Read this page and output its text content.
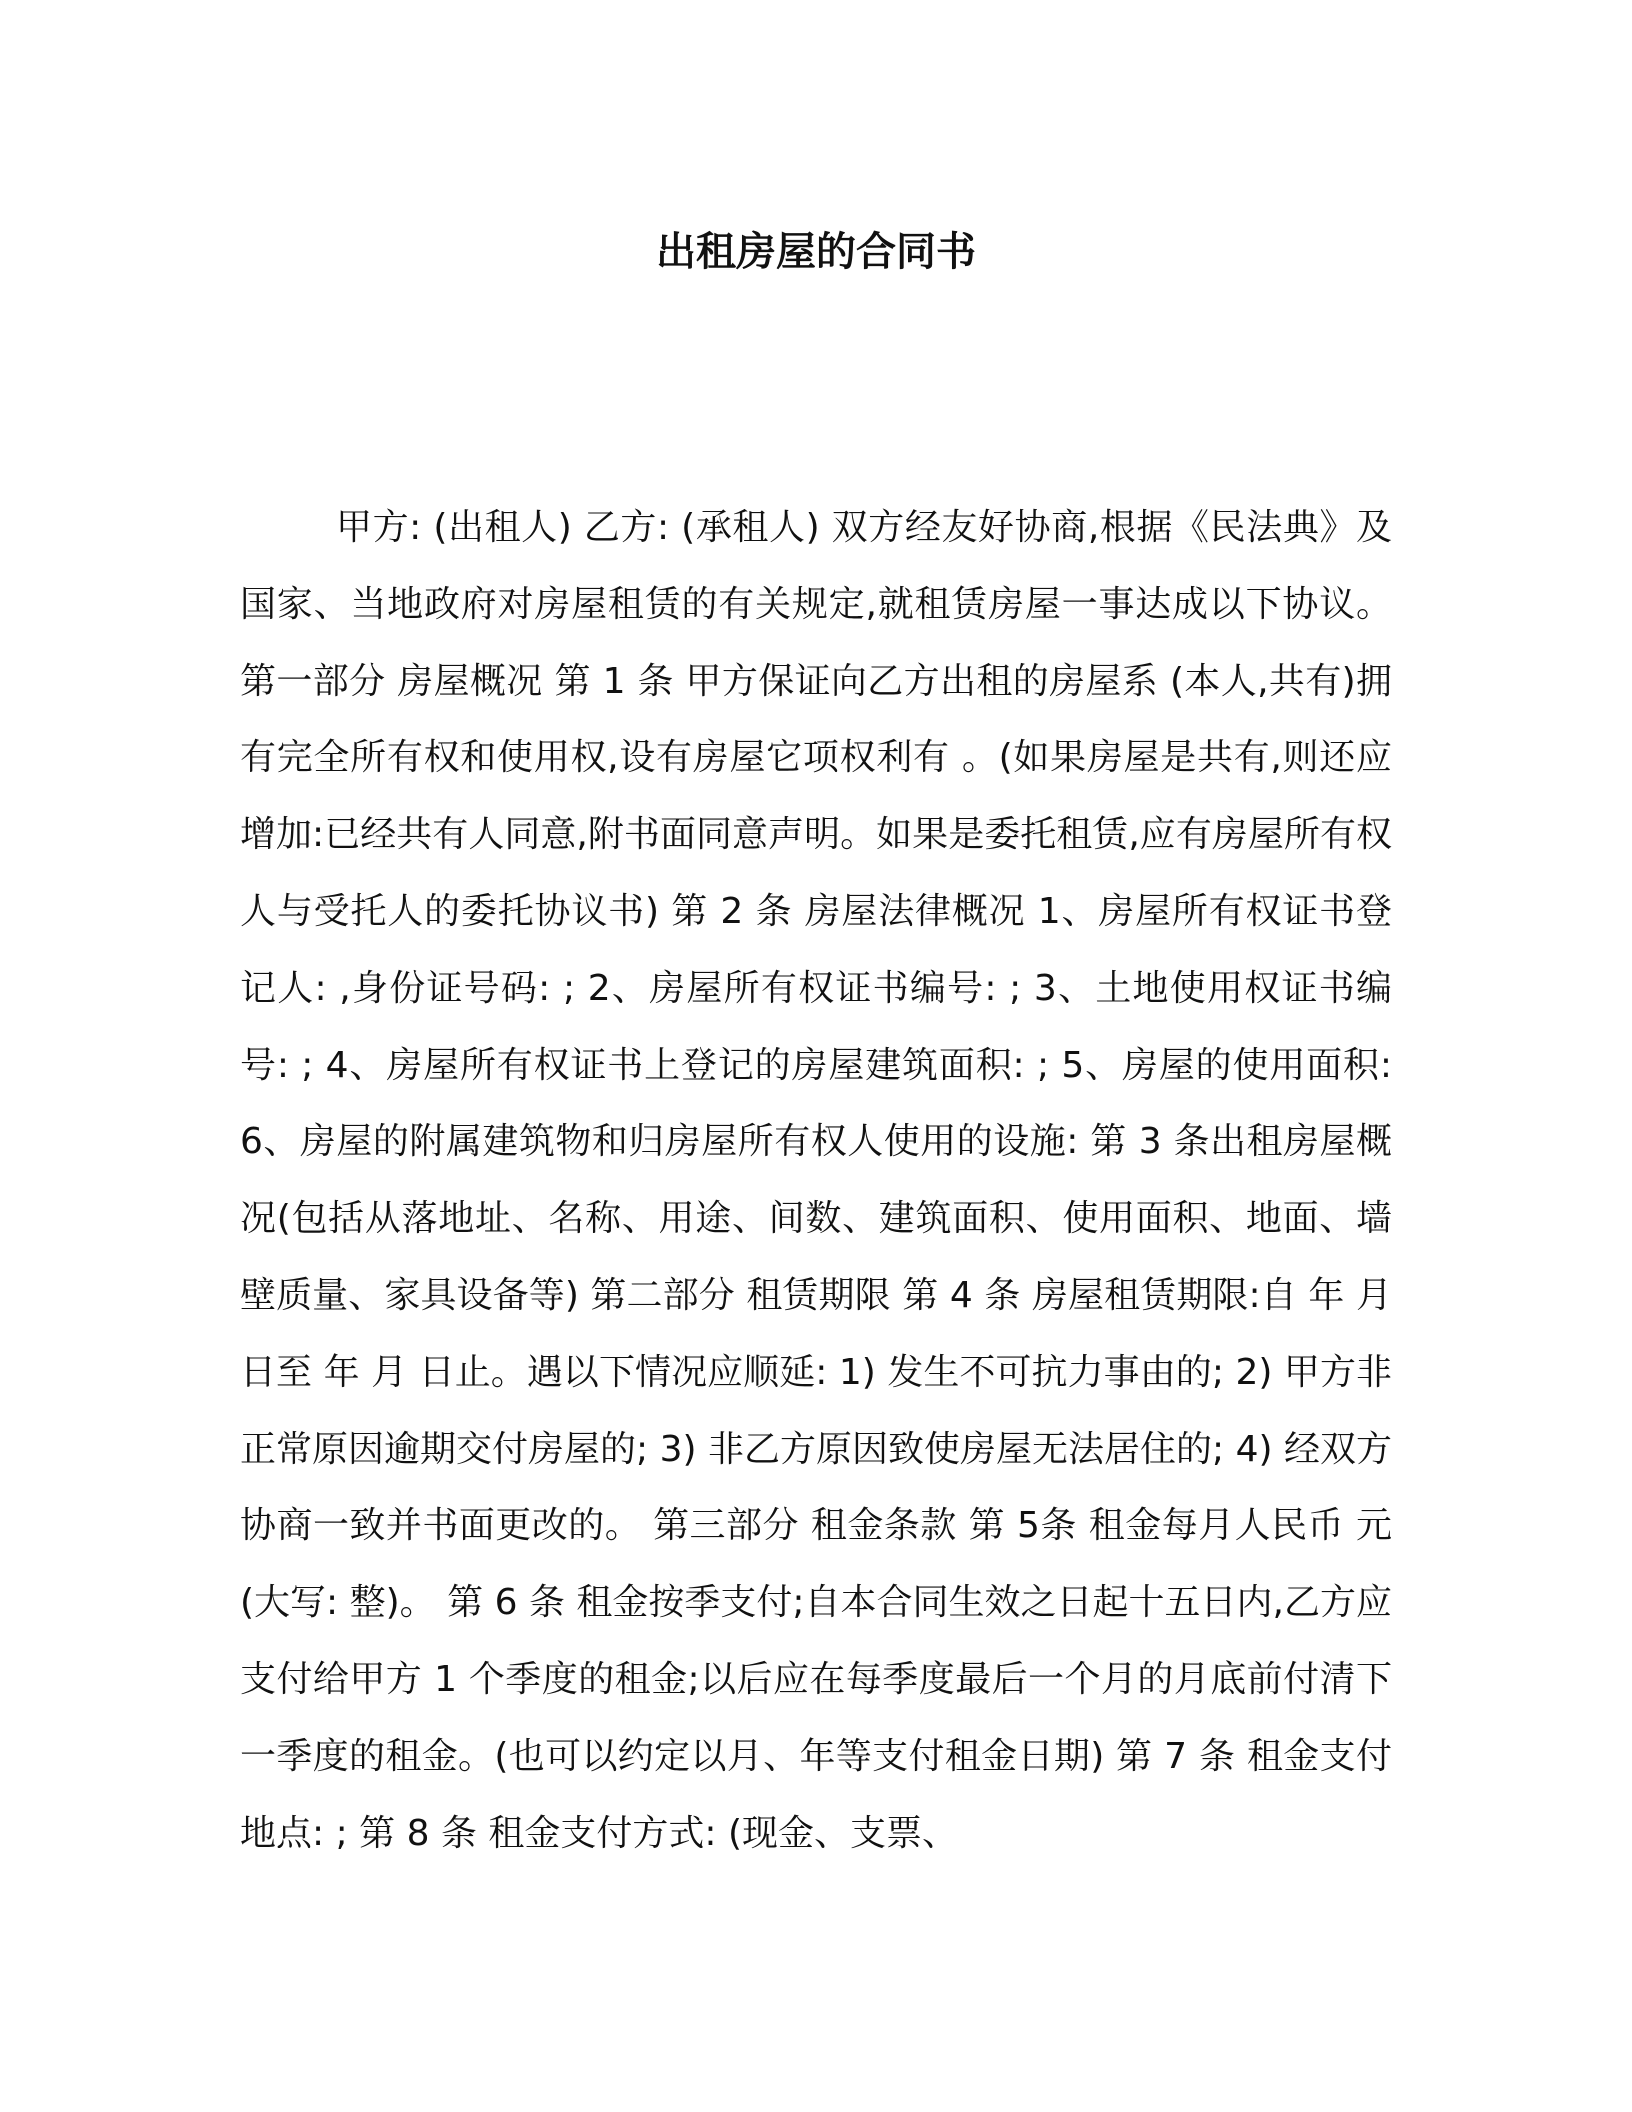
出租房屋的合同书

甲方: (出租人) 乙方: (承租人) 双方经友好协商,根据《民法典》及国家、当地政府对房屋租赁的有关规定,就租赁房屋一事达成以下协议。第一部分 房屋概况 第 1 条 甲方保证向乙方出租的房屋系 (本人,共有)拥有完全所有权和使用权,设有房屋它项权利有 。(如果房屋是共有,则还应增加:已经共有人同意,附书面同意声明。如果是委托租赁,应有房屋所有权人与受托人的委托协议书) 第 2 条 房屋法律概况 1、房屋所有权证书登记人: ,身份证号码: ; 2、房屋所有权证书编号: ; 3、土地使用权证书编号: ; 4、房屋所有权证书上登记的房屋建筑面积: ; 5、房屋的使用面积: 6、房屋的附属建筑物和归房屋所有权人使用的设施: 第 3 条出租房屋概况(包括从落地址、名称、用途、间数、建筑面积、使用面积、地面、墙壁质量、家具设备等) 第二部分 租赁期限 第 4 条 房屋租赁期限:自 年 月 日至 年 月 日止。遇以下情况应顺延: 1) 发生不可抗力事由的; 2) 甲方非正常原因逾期交付房屋的; 3) 非乙方原因致使房屋无法居住的; 4) 经双方协商一致并书面更改的。 第三部分 租金条款 第 5条 租金每月人民币 元(大写: 整)。 第 6 条 租金按季支付;自本合同生效之日起十五日内,乙方应支付给甲方 1 个季度的租金;以后应在每季度最后一个月的月底前付清下一季度的租金。(也可以约定以月、年等支付租金日期) 第 7 条 租金支付地点: ; 第 8 条 租金支付方式: (现金、支票、
